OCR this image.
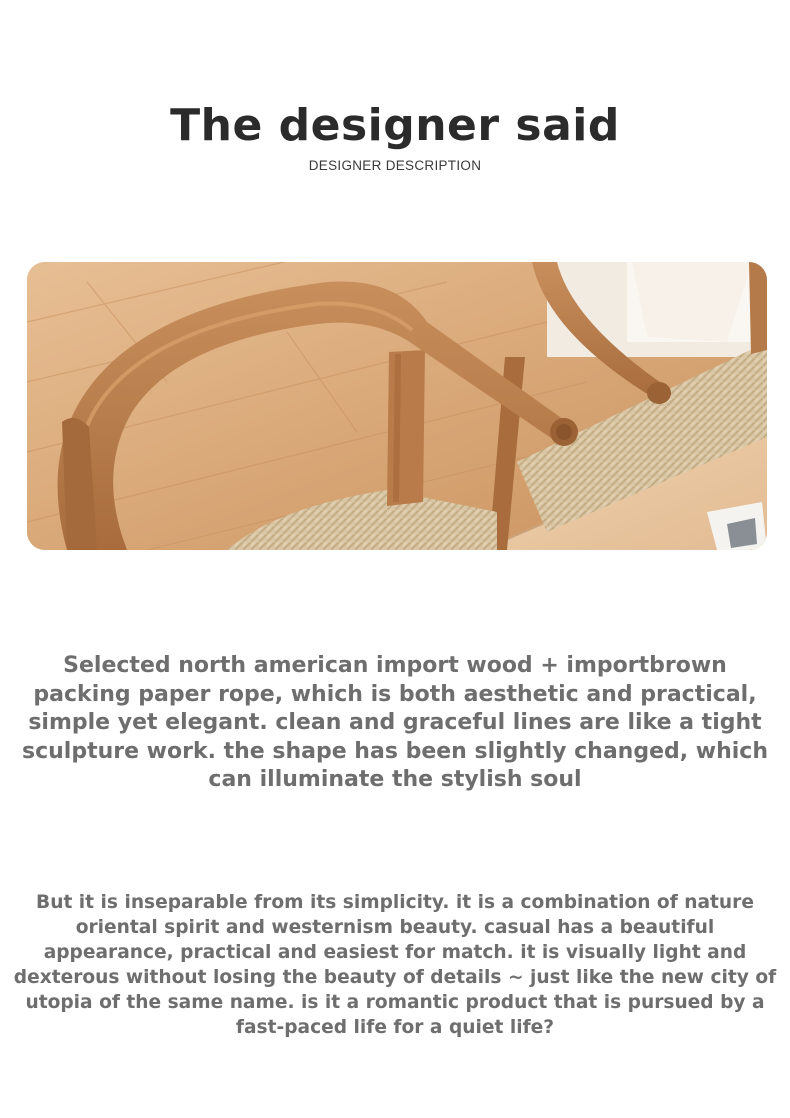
The designer said
DESIGNER DESCRIPTION
Selected north american import wood + importbrown packing paper rope, which is both aesthetic and practical, simple yet elegant. clean and graceful lines are like a tight sculpture work. the shape has been slightly changed, which can illuminate the stylish soul
But it is inseparable from its simplicity. it is a combination of nature oriental spirit and westernism beauty. casual has a beautiful appearance, practical and easiest for match. it is visually light and dexterous without losing the beauty of details ~ just like the new city of utopia of the same name. is it a romantic product that is pursued by a fast-paced life for a quiet life?
